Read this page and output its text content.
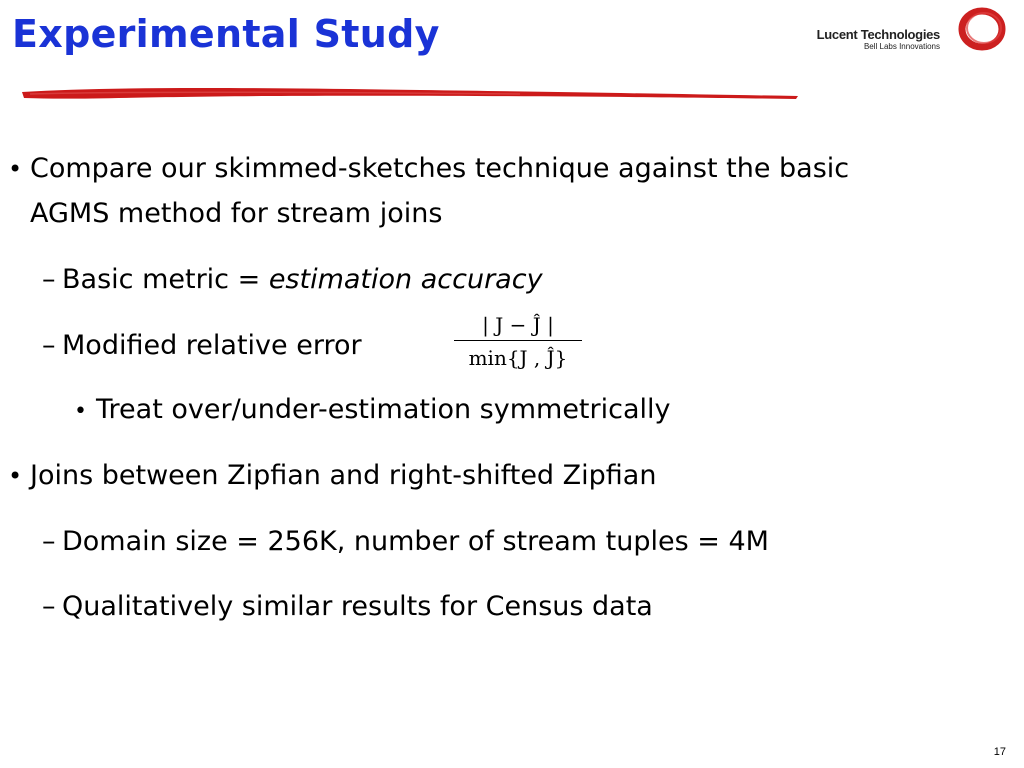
Experimental Study	Lucent Technologies
Bell Labs Innovations
• Compare our skimmed-sketches technique against the basic
AGMS method for stream joins
– Basic metric = estimation accuracy
– Modified relative error
| J − Ĵ |
min{J , Ĵ}
• Treat over/under-estimation symmetrically
• Joins between Zipfian and right-shifted Zipfian
– Domain size = 256K, number of stream tuples = 4M
– Qualitatively similar results for Census data
17
